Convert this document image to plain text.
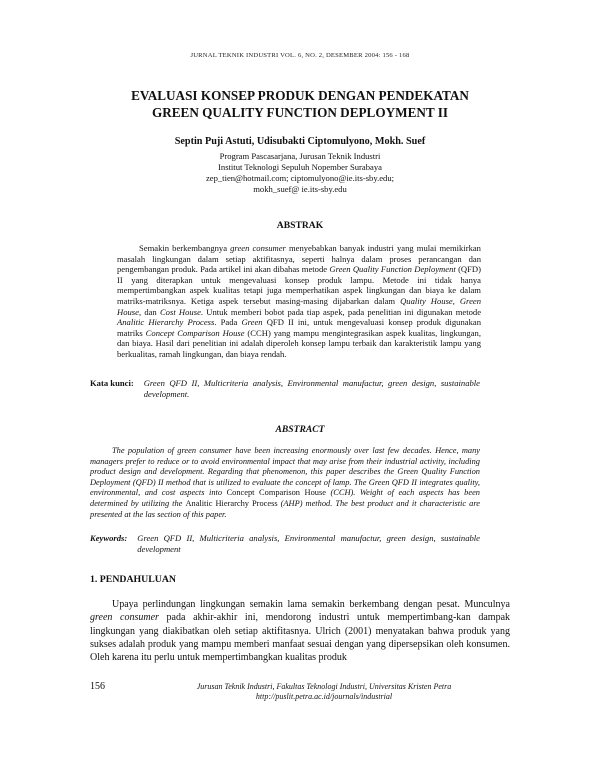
JURNAL TEKNIK INDUSTRI VOL. 6, NO. 2, DESEMBER 2004: 156 - 168
EVALUASI KONSEP PRODUK DENGAN PENDEKATAN
GREEN QUALITY FUNCTION DEPLOYMENT II
Septin Puji Astuti, Udisubakti Ciptomulyono, Mokh. Suef
Program Pascasarjana, Jurusan Teknik Industri
Institut Teknologi Sepuluh Nopember Surabaya
zep_tien@hotmail.com; ciptomulyono@ie.its-sby.edu;
mokh_suef@ ie.its-sby.edu
ABSTRAK

Semakin berkembangnya green consumer menyebabkan banyak industri yang mulai memikirkan masalah lingkungan dalam setiap aktifitasnya, seperti halnya dalam proses perancangan dan pengembangan produk. Pada artikel ini akan dibahas metode Green Quality Function Deployment (QFD) II yang diterapkan untuk mengevaluasi konsep produk lampu. Metode ini tidak hanya mempertimbangkan aspek kualitas tetapi juga memperhatikan aspek lingkungan dan biaya ke dalam matriks-matriksnya. Ketiga aspek tersebut masing-masing dijabarkan dalam Quality House, Green House, dan Cost House. Untuk memberi bobot pada tiap aspek, pada penelitian ini digunakan metode Analitic Hierarchy Process. Pada Green QFD II ini, untuk mengevaluasi konsep produk digunakan matriks Concept Comparison House (CCH) yang mampu mengintegrasikan aspek kualitas, lingkungan, dan biaya. Hasil dari penelitian ini adalah diperoleh konsep lampu terbaik dan karakteristik lampu yang berkualitas, ramah lingkungan, dan biaya rendah.

Kata kunci:	Green QFD II, Multicriteria analysis, Environmental manufactur, green design, sustainable development.
ABSTRACT

The population of green consumer have been increasing enormously over last few decades. Hence, many managers prefer to reduce or to avoid environmental impact that may arise from their industrial activity, including product design and development. Regarding that phenomenon, this paper describes the Green Quality Function Deployment (QFD) II method that is utilized to evaluate the concept of lamp. The Green QFD II integrates quality, environmental, and cost aspects into Concept Comparison House (CCH). Weight of each aspects has been determined by utilizing the Analitic Hierarchy Process (AHP) method. The best product and it characteristic are presented at the las section of this paper.

Keywords:	Green QFD II, Multicriteria analysis, Environmental manufactur, green design, sustainable development
1. PENDAHULUAN

Upaya perlindungan lingkungan semakin lama semakin berkembang dengan pesat. Munculnya green consumer pada akhir-akhir ini, mendorong industri untuk mempertimbang-kan dampak lingkungan yang diakibatkan oleh setiap aktifitasnya. Ulrich (2001) menyatakan bahwa produk yang sukses adalah produk yang mampu memberi manfaat sesuai dengan yang dipersepsikan oleh konsumen. Oleh karena itu perlu untuk mempertimbangkan kualitas produk

156	Jurusan Teknik Industri, Fakultas Teknologi Industri, Universitas Kristen Petra
http://puslit.petra.ac.id/journals/industrial
